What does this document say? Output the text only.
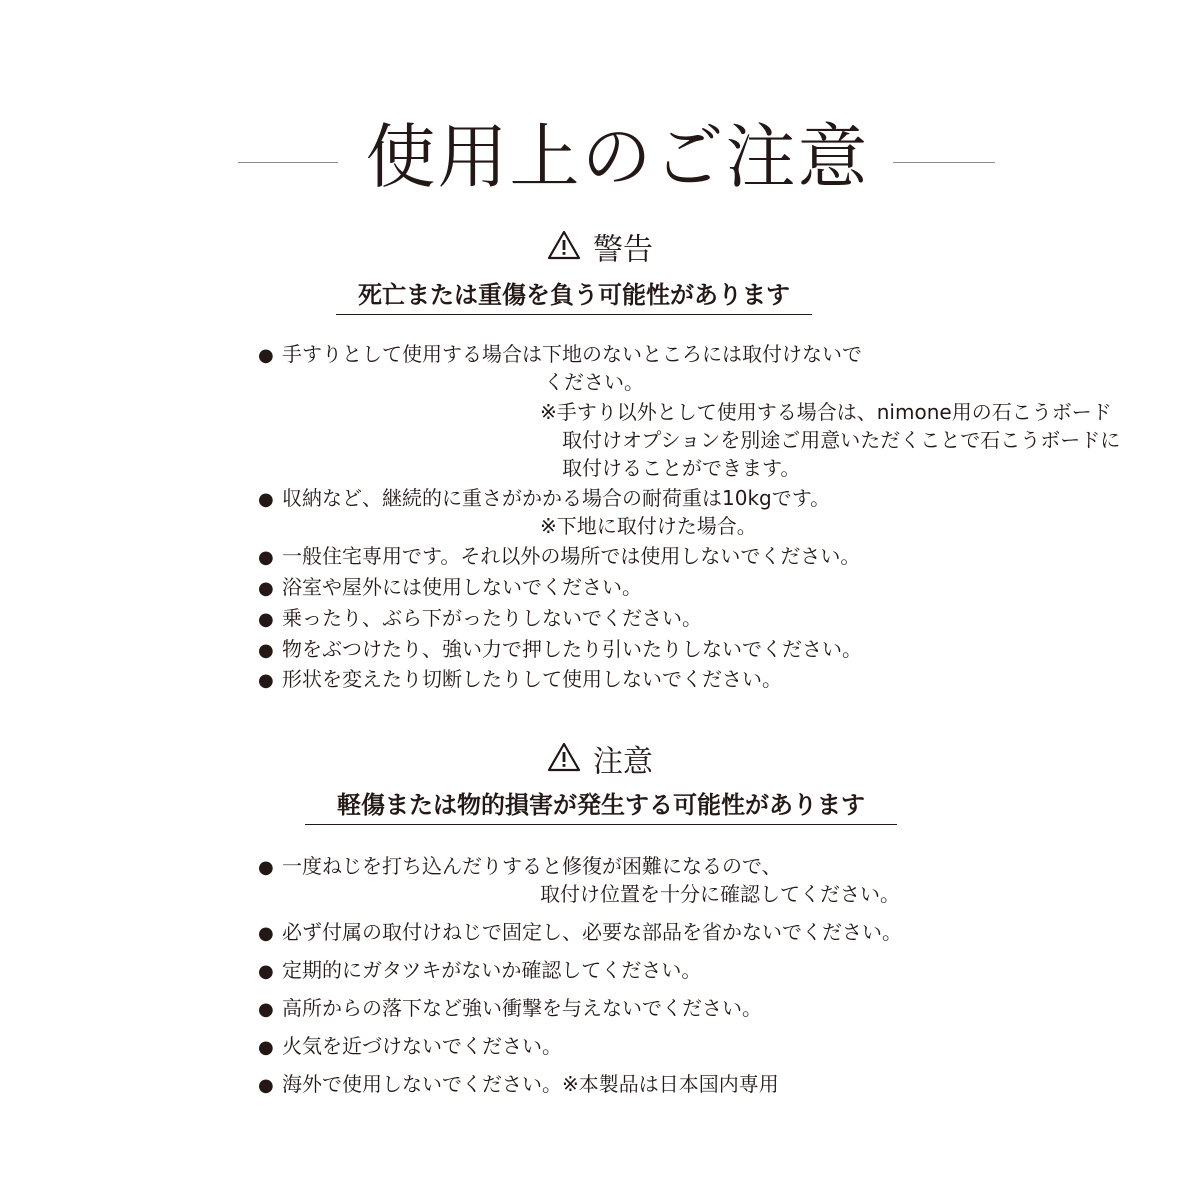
使用上のご注意
警告
死亡または重傷を負う可能性があります
● 手すりとして使用する場合は下地のないところには取付けないで
ください。
※手すり以外として使用する場合は、nimone用の石こうボード
取付けオプションを別途ご用意いただくことで石こうボードに
取付けることができます。
● 収納など、継続的に重さがかかる場合の耐荷重は10kgです。
※下地に取付けた場合。
● 一般住宅専用です。それ以外の場所では使用しないでください。
● 浴室や屋外には使用しないでください。
● 乗ったり、ぶら下がったりしないでください。
● 物をぶつけたり、強い力で押したり引いたりしないでください。
● 形状を変えたり切断したりして使用しないでください。
注意
軽傷または物的損害が発生する可能性があります
● 一度ねじを打ち込んだりすると修復が困難になるので、
取付け位置を十分に確認してください。
● 必ず付属の取付けねじで固定し、必要な部品を省かないでください。
● 定期的にガタツキがないか確認してください。
● 高所からの落下など強い衝撃を与えないでください。
● 火気を近づけないでください。
● 海外で使用しないでください。※本製品は日本国内専用
